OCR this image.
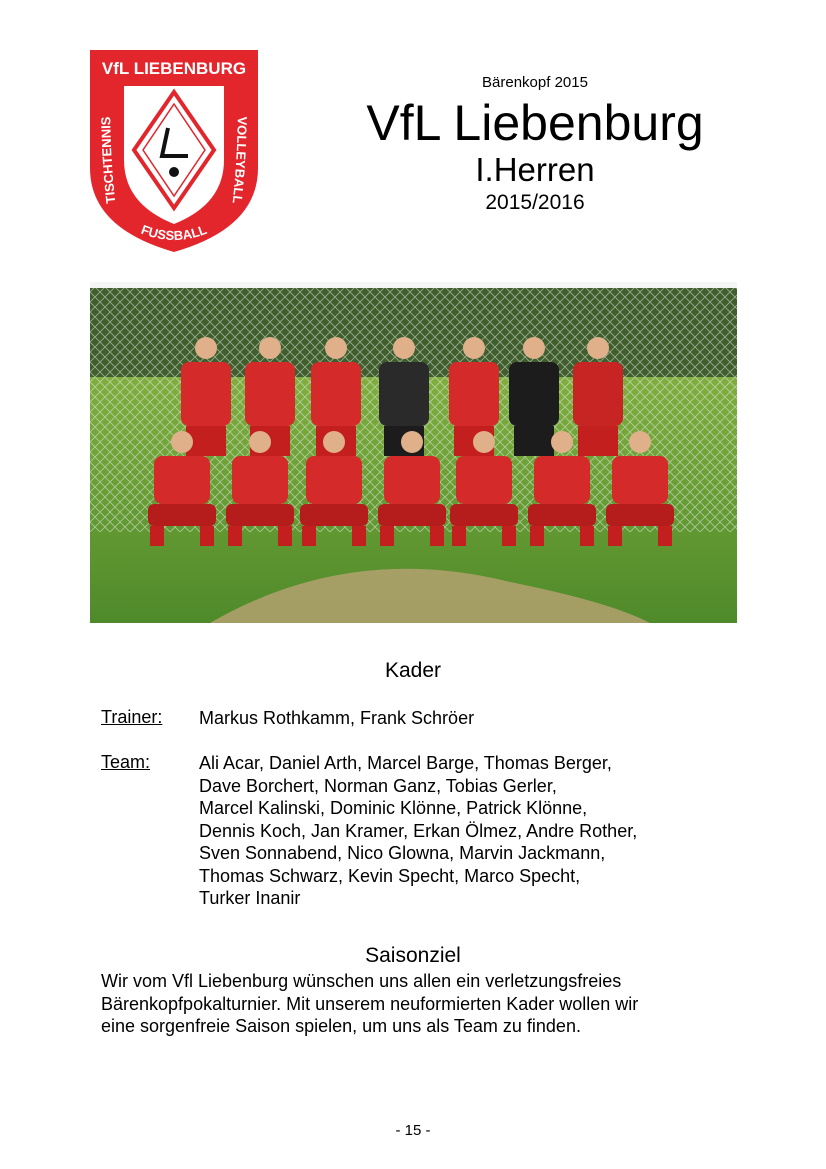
VfL LIEBENBURG
TISCHTENNIS	VOLLEYBALL
FUSSBALL
Bärenkopf 2015
VfL Liebenburg
I.Herren
2015/2016
Kader
Trainer: Markus Rothkamm, Frank Schröer
Team:	Ali Acar, Daniel Arth, Marcel Barge, Thomas Berger,
Dave Borchert, Norman Ganz, Tobias Gerler,
Marcel Kalinski, Dominic Klönne, Patrick Klönne,
Dennis Koch, Jan Kramer, Erkan Ölmez, Andre Rother,
Sven Sonnabend, Nico Glowna, Marvin Jackmann,
Thomas Schwarz, Kevin Specht, Marco Specht,
Turker Inanir
Saisonziel
Wir vom Vfl Liebenburg wünschen uns allen ein verletzungsfreies
Bärenkopfpokalturnier. Mit unserem neuformierten Kader wollen wir
eine sorgenfreie Saison spielen, um uns als Team zu finden.
- 15 -
